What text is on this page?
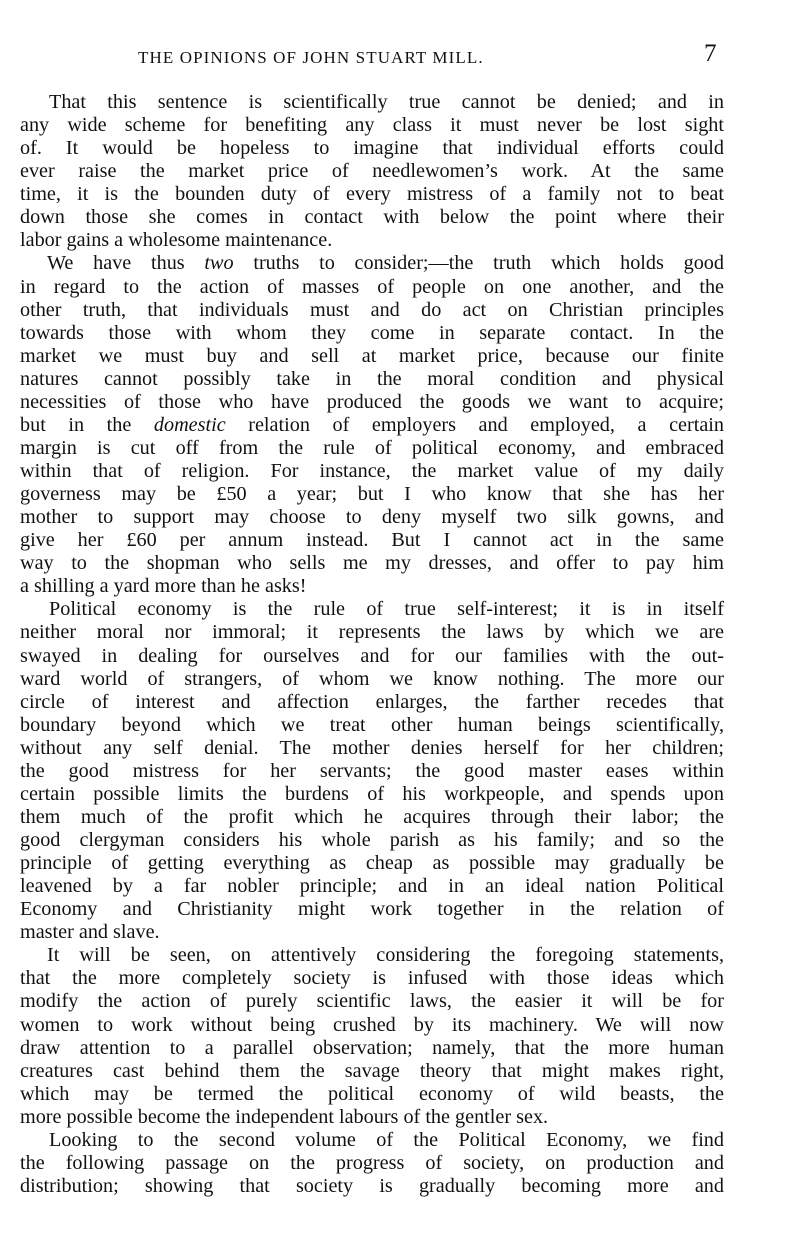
THE OPINIONS OF JOHN STUART MILL.	7
That this sentence is scientifically true cannot be denied; and in
any wide scheme for benefiting any class it must never be lost sight
of. It would be hopeless to imagine that individual efforts could
ever raise the market price of needlewomen’s work. At the same
time, it is the bounden duty of every mistress of a family not to beat
down those she comes in contact with below the point where their
labor gains a wholesome maintenance.
We have thus two truths to consider;—the truth which holds good
in regard to the action of masses of people on one another, and the
other truth, that individuals must and do act on Christian principles
towards those with whom they come in separate contact. In the
market we must buy and sell at market price, because our finite
natures cannot possibly take in the moral condition and physical
necessities of those who have produced the goods we want to acquire;
but in the domestic relation of employers and employed, a certain
margin is cut off from the rule of political economy, and embraced
within that of religion. For instance, the market value of my daily
governess may be £50 a year; but I who know that she has her
mother to support may choose to deny myself two silk gowns, and
give her £60 per annum instead. But I cannot act in the same
way to the shopman who sells me my dresses, and offer to pay him
a shilling a yard more than he asks!
Political economy is the rule of true self-interest; it is in itself
neither moral nor immoral; it represents the laws by which we are
swayed in dealing for ourselves and for our families with the out-
ward world of strangers, of whom we know nothing. The more our
circle of interest and affection enlarges, the farther recedes that
boundary beyond which we treat other human beings scientifically,
without any self denial. The mother denies herself for her children;
the good mistress for her servants; the good master eases within
certain possible limits the burdens of his workpeople, and spends upon
them much of the profit which he acquires through their labor; the
good clergyman considers his whole parish as his family; and so the
principle of getting everything as cheap as possible may gradually be
leavened by a far nobler principle; and in an ideal nation Political
Economy and Christianity might work together in the relation of
master and slave.
It will be seen, on attentively considering the foregoing statements,
that the more completely society is infused with those ideas which
modify the action of purely scientific laws, the easier it will be for
women to work without being crushed by its machinery. We will now
draw attention to a parallel observation; namely, that the more human
creatures cast behind them the savage theory that might makes right,
which may be termed the political economy of wild beasts, the
more possible become the independent labours of the gentler sex.
Looking to the second volume of the Political Economy, we find
the following passage on the progress of society, on production and
distribution; showing that society is gradually becoming more and
